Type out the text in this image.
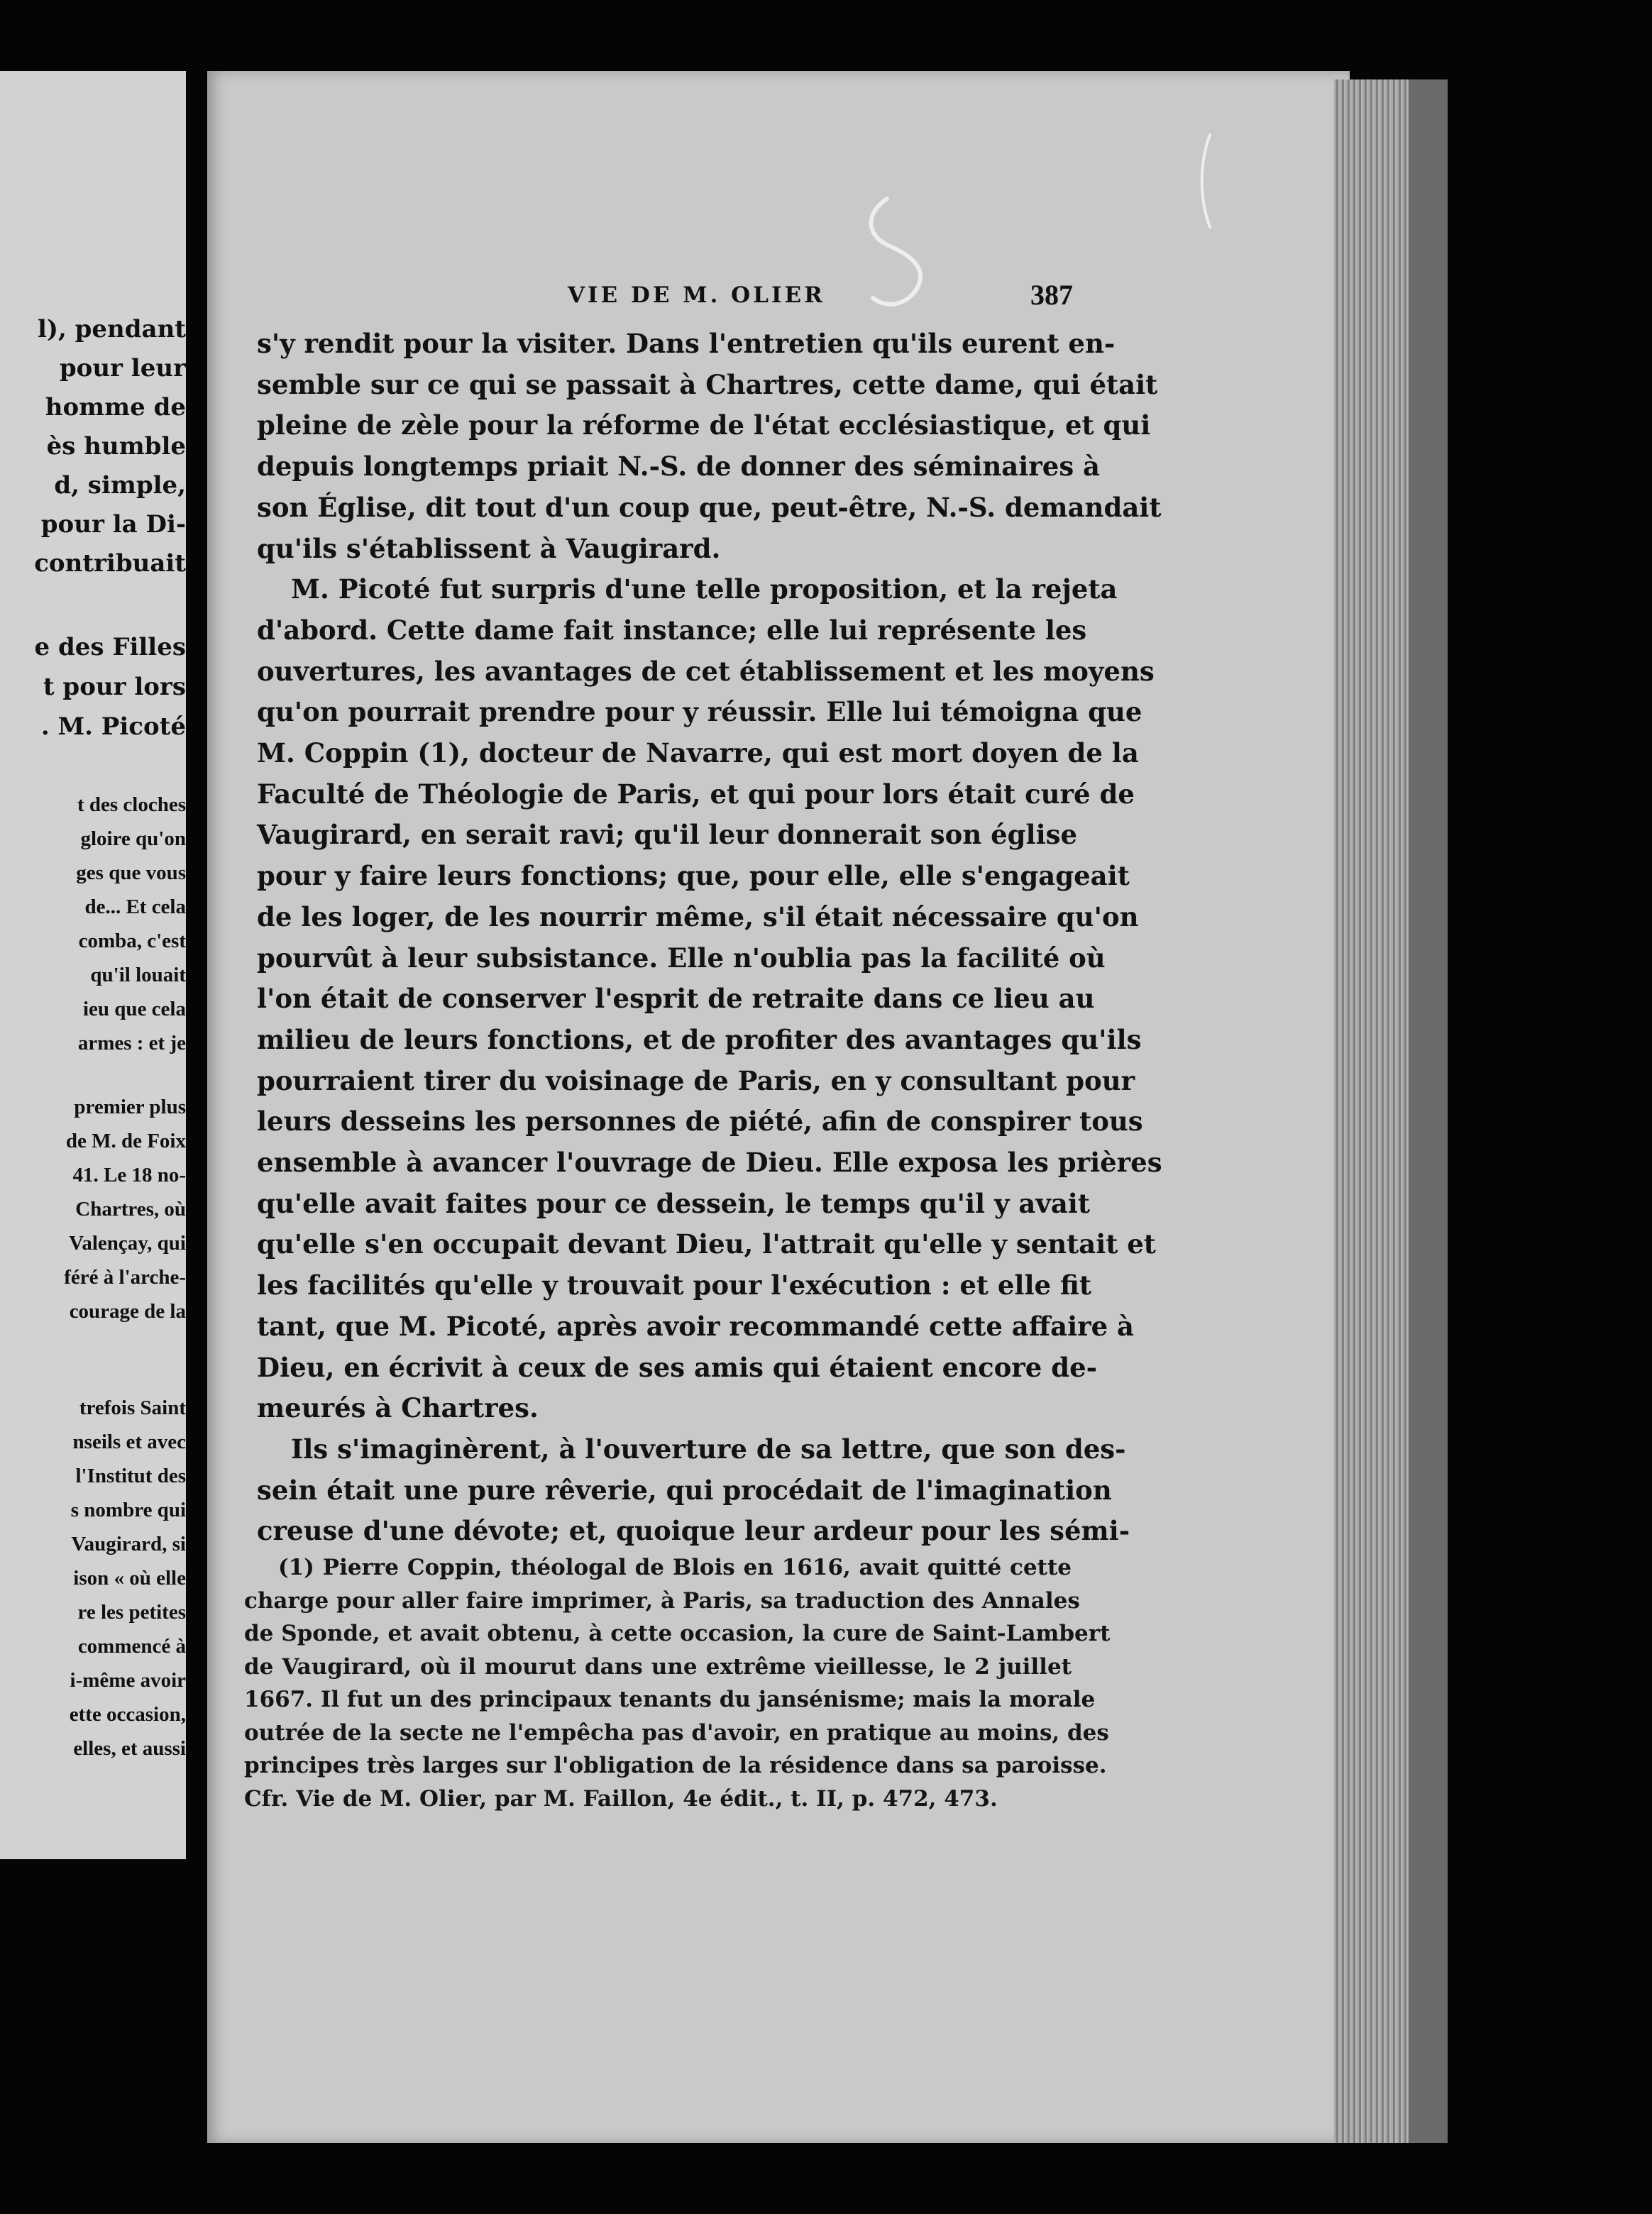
l), pendant
pour leur
homme de
ès humble
d, simple,
pour la Di-
contribuait
e des Filles
t pour lors
. M. Picoté
t des cloches
gloire qu'on
ges que vous
de... Et cela
comba, c'est
qu'il louait
ieu que cela
armes : et je
premier plus
de M. de Foix
41. Le 18 no-
Chartres, où
Valençay, qui
féré à l'arche-
courage de la
trefois Saint
nseils et avec
l'Institut des
s nombre qui
Vaugirard, si
ison « où elle
re les petites
commencé à
i-même avoir
ette occasion,
elles, et aussi
VIE DE M. OLIER	387
s'y rendit pour la visiter. Dans l'entretien qu'ils eurent en-
semble sur ce qui se passait à Chartres, cette dame, qui était
pleine de zèle pour la réforme de l'état ecclésiastique, et qui
depuis longtemps priait N.-S. de donner des séminaires à
son Église, dit tout d'un coup que, peut-être, N.-S. demandait
qu'ils s'établissent à Vaugirard.
M. Picoté fut surpris d'une telle proposition, et la rejeta
d'abord. Cette dame fait instance; elle lui représente les
ouvertures, les avantages de cet établissement et les moyens
qu'on pourrait prendre pour y réussir. Elle lui témoigna que
M. Coppin (1), docteur de Navarre, qui est mort doyen de la
Faculté de Théologie de Paris, et qui pour lors était curé de
Vaugirard, en serait ravi; qu'il leur donnerait son église
pour y faire leurs fonctions; que, pour elle, elle s'engageait
de les loger, de les nourrir même, s'il était nécessaire qu'on
pourvût à leur subsistance. Elle n'oublia pas la facilité où
l'on était de conserver l'esprit de retraite dans ce lieu au
milieu de leurs fonctions, et de profiter des avantages qu'ils
pourraient tirer du voisinage de Paris, en y consultant pour
leurs desseins les personnes de piété, afin de conspirer tous
ensemble à avancer l'ouvrage de Dieu. Elle exposa les prières
qu'elle avait faites pour ce dessein, le temps qu'il y avait
qu'elle s'en occupait devant Dieu, l'attrait qu'elle y sentait et
les facilités qu'elle y trouvait pour l'exécution : et elle fit
tant, que M. Picoté, après avoir recommandé cette affaire à
Dieu, en écrivit à ceux de ses amis qui étaient encore de-
meurés à Chartres.
Ils s'imaginèrent, à l'ouverture de sa lettre, que son des-
sein était une pure rêverie, qui procédait de l'imagination
creuse d'une dévote; et, quoique leur ardeur pour les sémi-
(1) Pierre Coppin, théologal de Blois en 1616, avait quitté cette
charge pour aller faire imprimer, à Paris, sa traduction des Annales
de Sponde, et avait obtenu, à cette occasion, la cure de Saint-Lambert
de Vaugirard, où il mourut dans une extrême vieillesse, le 2 juillet
1667. Il fut un des principaux tenants du jansénisme; mais la morale
outrée de la secte ne l'empêcha pas d'avoir, en pratique au moins, des
principes très larges sur l'obligation de la résidence dans sa paroisse.
Cfr. Vie de M. Olier, par M. Faillon, 4e édit., t. II, p. 472, 473.
